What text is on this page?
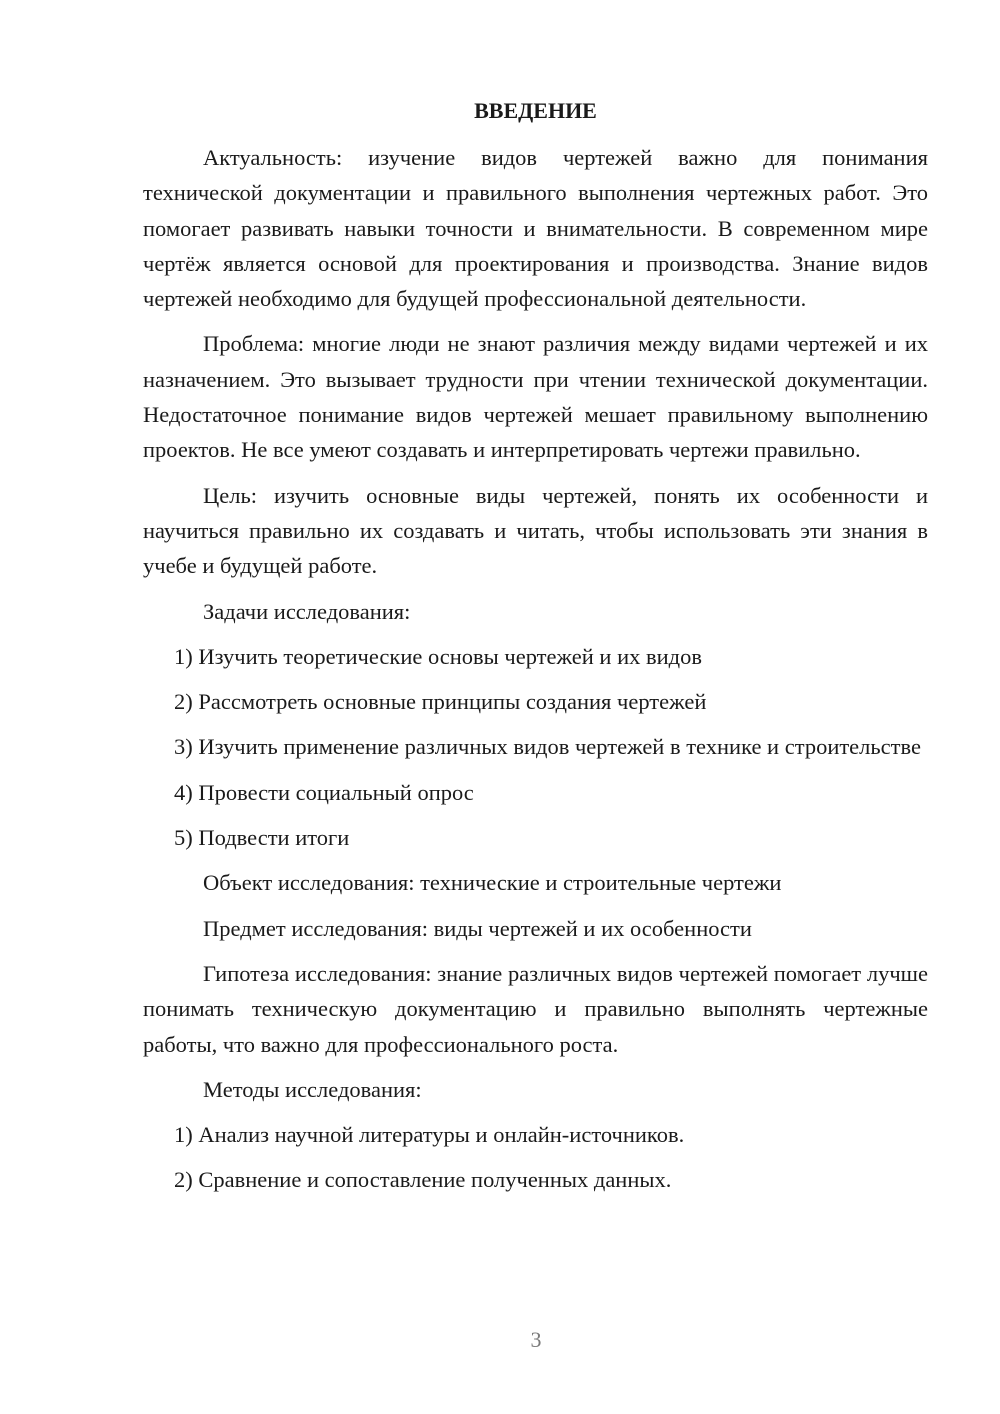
ВВЕДЕНИЕ

Актуальность: изучение видов чертежей важно для понимания технической документации и правильного выполнения чертежных работ. Это помогает развивать навыки точности и внимательности. В современном мире чертёж является основой для проектирования и производства. Знание видов чертежей необходимо для будущей профессиональной деятельности.

Проблема: многие люди не знают различия между видами чертежей и их назначением. Это вызывает трудности при чтении технической документации. Недостаточное понимание видов чертежей мешает правильному выполнению проектов. Не все умеют создавать и интерпретировать чертежи правильно.

Цель: изучить основные виды чертежей, понять их особенности и научиться правильно их создавать и читать, чтобы использовать эти знания в учебе и будущей работе.

Задачи исследования:
1) Изучить теоретические основы чертежей и их видов
2) Рассмотреть основные принципы создания чертежей
3) Изучить применение различных видов чертежей в технике и строительстве
4) Провести социальный опрос
5) Подвести итоги
Объект исследования: технические и строительные чертежи
Предмет исследования: виды чертежей и их особенности

Гипотеза исследования: знание различных видов чертежей помогает лучше понимать техническую документацию и правильно выполнять чертежные работы, что важно для профессионального роста.

Методы исследования:
1) Анализ научной литературы и онлайн-источников.
2) Сравнение и сопоставление полученных данных.
3
